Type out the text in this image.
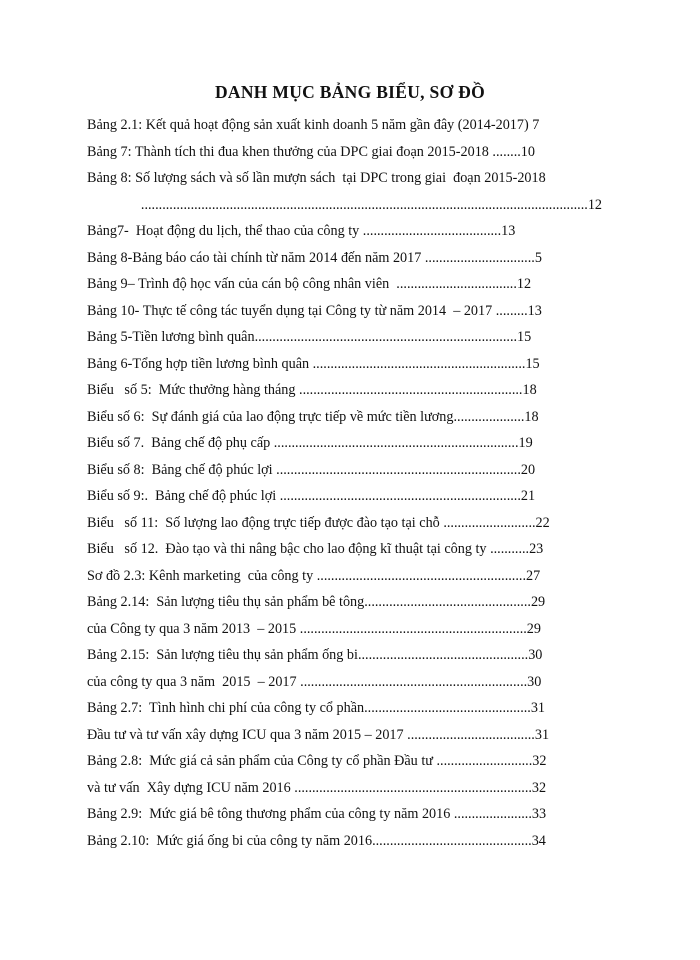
DANH MỤC BẢNG BIỂU, SƠ ĐỒ
Bảng 2.1: Kết quả hoạt động sản xuất kinh doanh 5 năm gần đây (2014-2017) 7
Bảng 7: Thành tích thi đua khen thưởng của DPC giai đoạn 2015-2018 ........10
Bảng 8: Số lượng sách và số lần mượn sách  tại DPC trong giai  đoạn 2015-2018
..............................................................................................................................12
Bảng7-  Hoạt động du lịch, thể thao của công ty .......................................13
Bảng 8-Bảng báo cáo tài chính từ năm 2014 đến năm 2017 ...............................5
Bảng 9– Trình độ học vấn của cán bộ công nhân viên  ..................................12
Bảng 10- Thực tế công tác tuyển dụng tại Công ty từ năm 2014  – 2017 .........13
Bảng 5-Tiền lương bình quân..........................................................................15
Bảng 6-Tổng hợp tiền lương bình quân ............................................................15
Biểu   số 5:  Mức thưởng hàng tháng ...............................................................18
Biểu số 6:  Sự đánh giá của lao động trực tiếp về mức tiền lương....................18
Biểu số 7.  Bảng chế độ phụ cấp .....................................................................19
Biểu số 8:  Bảng chế độ phúc lợi .....................................................................20
Biểu số 9:.  Bảng chế độ phúc lợi ....................................................................21
Biểu   số 11:  Số lượng lao động trực tiếp được đào tạo tại chỗ ..........................22
Biểu   số 12.  Đào tạo và thi nâng bậc cho lao động kĩ thuật tại công ty ...........23
Sơ đồ 2.3: Kênh marketing  của công ty ...........................................................27
Bảng 2.14:  Sản lượng tiêu thụ sản phẩm bê tông...............................................29
của Công ty qua 3 năm 2013  – 2015 ................................................................29
Bảng 2.15:  Sản lượng tiêu thụ sản phẩm ống bi................................................30
của công ty qua 3 năm  2015  – 2017 ................................................................30
Bảng 2.7:  Tình hình chi phí của công ty cổ phần...............................................31
Đầu tư và tư vấn xây dựng ICU qua 3 năm 2015 – 2017 ....................................31
Bảng 2.8:  Mức giá cả sản phẩm của Công ty cổ phần Đầu tư ...........................32
và tư vấn  Xây dựng ICU năm 2016 ...................................................................32
Bảng 2.9:  Mức giá bê tông thương phẩm của công ty năm 2016 ......................33
Bảng 2.10:  Mức giá ống bi của công ty năm 2016.............................................34
